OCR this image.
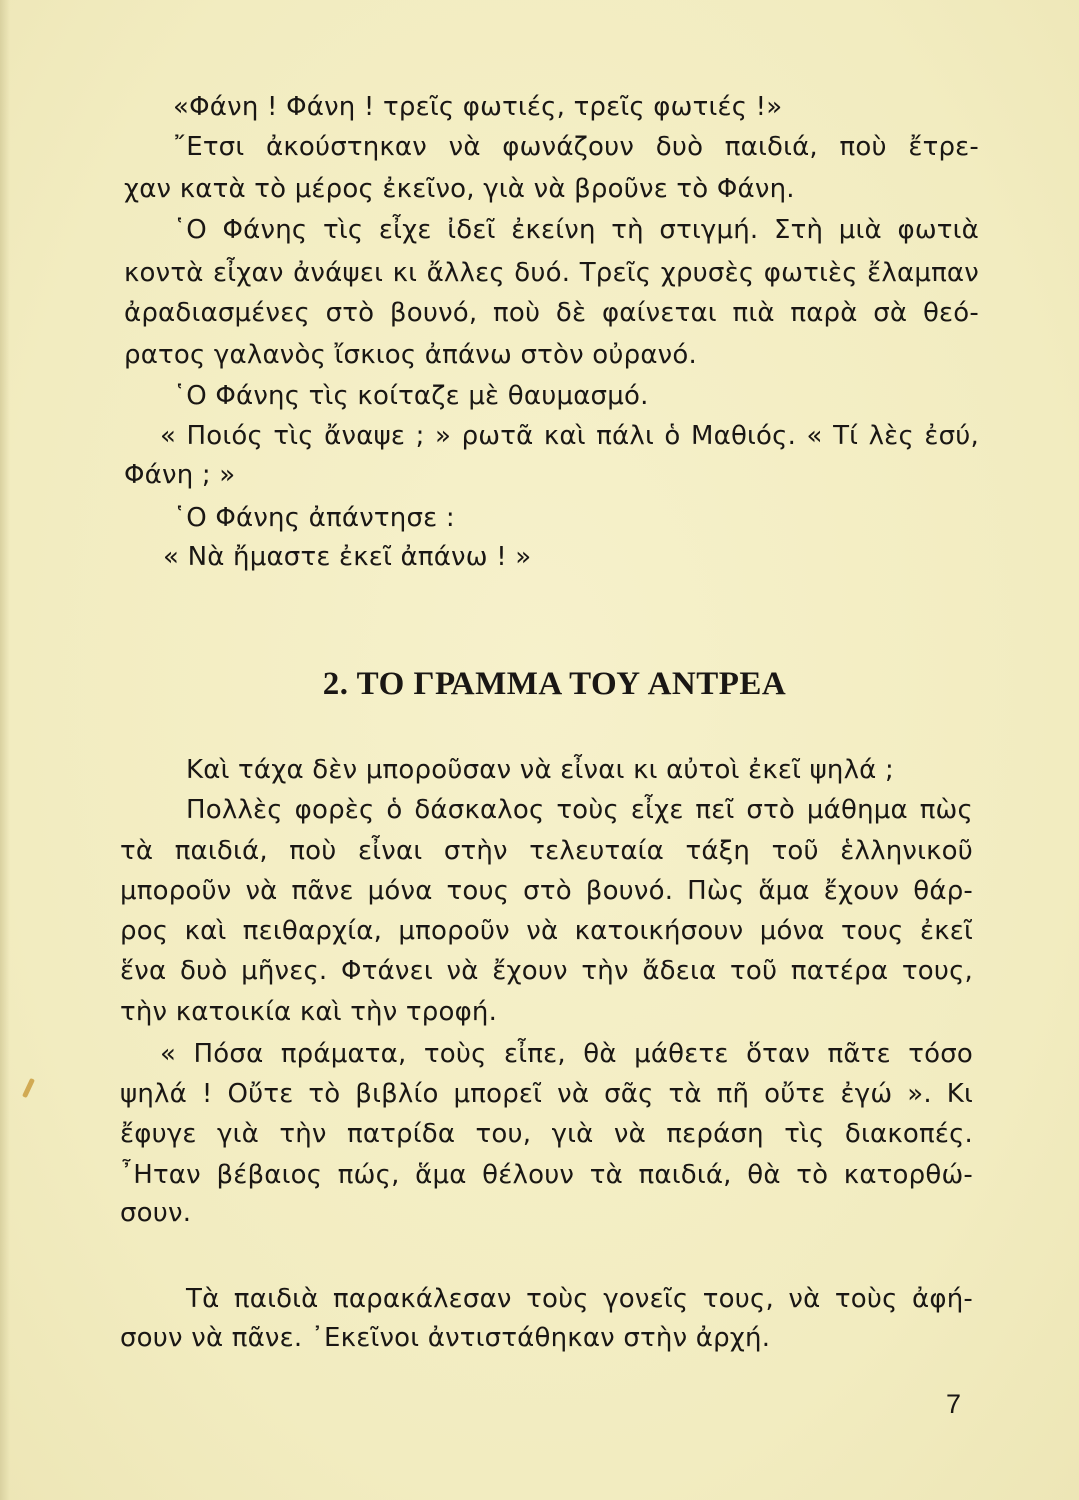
«Φάνη ! Φάνη ! τρεῖς φωτιές, τρεῖς φωτιές !»
῎Ετσι ἀκούστηκαν νὰ φωνάζουν δυὸ παιδιά, ποὺ ἔτρε-
χαν κατὰ τὸ μέρος ἐκεῖνο, γιὰ νὰ βροῦνε τὸ Φάνη.
῾Ο Φάνης τὶς εἶχε ἰδεῖ ἐκείνη τὴ στιγμή. Στὴ μιὰ φωτιὰ
κοντὰ εἶχαν ἀνάψει κι ἄλλες δυό. Τρεῖς χρυσὲς φωτιὲς ἔλαμπαν
ἀραδιασμένες στὸ βουνό, ποὺ δὲ φαίνεται πιὰ παρὰ σὰ θεό-
ρατος γαλανὸς ἴσκιος ἀπάνω στὸν οὐρανό.
῾Ο Φάνης τὶς κοίταζε μὲ θαυμασμό.
« Ποιός τὶς ἄναψε ; » ρωτᾶ καὶ πάλι ὁ Μαθιός. « Τί λὲς ἐσύ,
Φάνη ; »
῾Ο Φάνης ἀπάντησε :
« Νὰ ἤμαστε ἐκεῖ ἀπάνω ! »
2. ΤΟ ΓΡΑΜΜΑ ΤΟΥ ΑΝΤΡΕΑ
Καὶ τάχα δὲν μποροῦσαν νὰ εἶναι κι αὐτοὶ ἐκεῖ ψηλά ;
Πολλὲς φορὲς ὁ δάσκαλος τοὺς εἶχε πεῖ στὸ μάθημα πὼς
τὰ παιδιά, ποὺ εἶναι στὴν τελευταία τάξη τοῦ ἑλληνικοῦ
μποροῦν νὰ πᾶνε μόνα τους στὸ βουνό. Πὼς ἅμα ἔχουν θάρ-
ρος καὶ πειθαρχία, μποροῦν νὰ κατοικήσουν μόνα τους ἐκεῖ
ἕνα δυὸ μῆνες. Φτάνει νὰ ἔχουν τὴν ἄδεια τοῦ πατέρα τους,
τὴν κατοικία καὶ τὴν τροφή.
« Πόσα πράματα, τοὺς εἶπε, θὰ μάθετε ὅταν πᾶτε τόσο
ψηλά ! Οὔτε τὸ βιβλίο μπορεῖ νὰ σᾶς τὰ πῆ οὔτε ἐγώ ». Κι
ἔφυγε γιὰ τὴν πατρίδα του, γιὰ νὰ περάση τὶς διακοπές.
῏Ηταν βέβαιος πώς, ἅμα θέλουν τὰ παιδιά, θὰ τὸ κατορθώ-
σουν.
Τὰ παιδιὰ παρακάλεσαν τοὺς γονεῖς τους, νὰ τοὺς ἀφή-
σουν νὰ πᾶνε. ᾿Εκεῖνοι ἀντιστάθηκαν στὴν ἀρχή.
7
